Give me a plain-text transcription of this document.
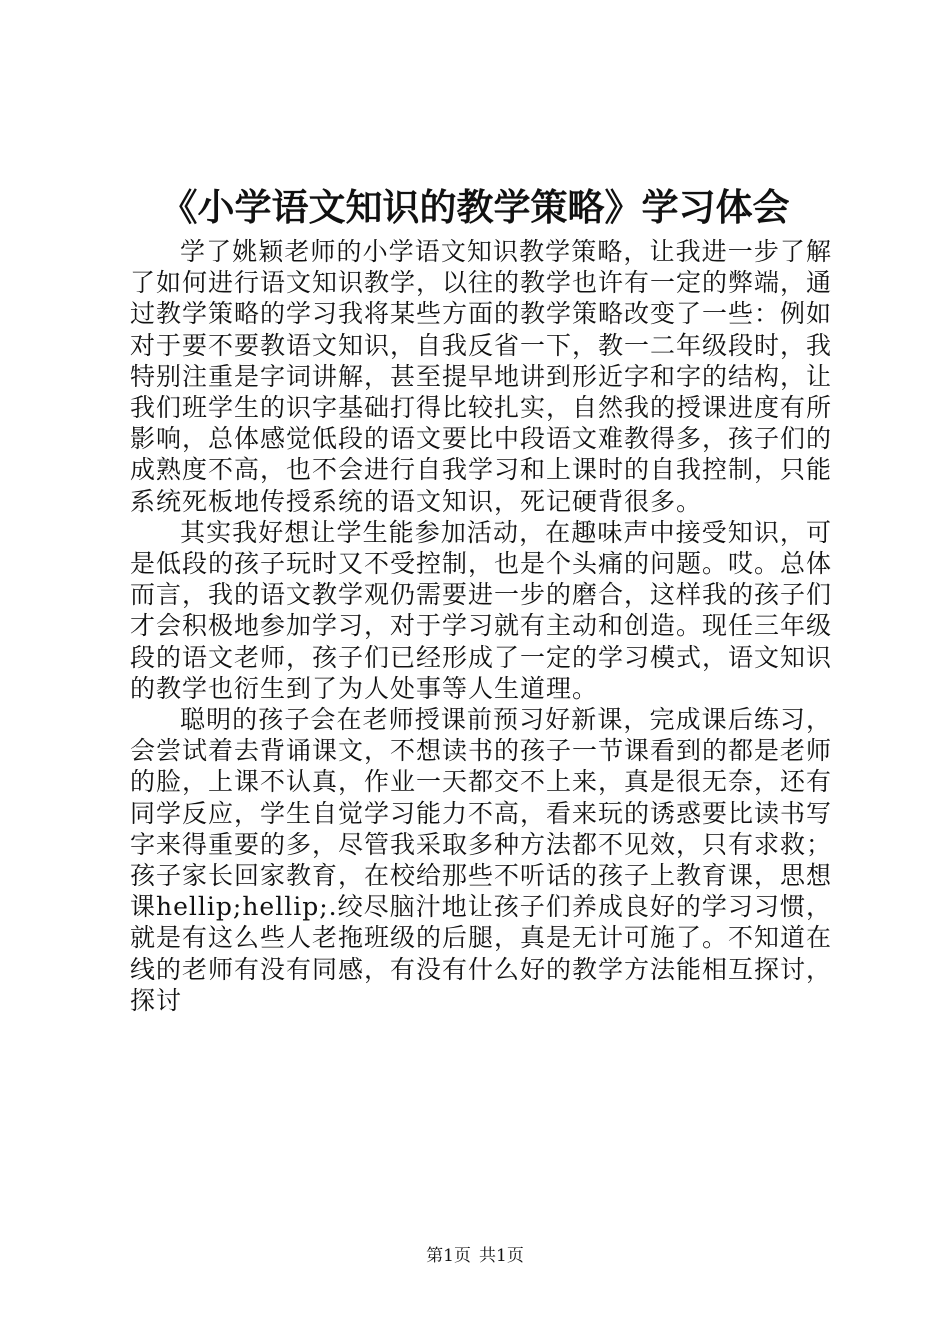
《小学语文知识的教学策略》学习体会

学了姚颖老师的小学语文知识教学策略，让我进一步了解了如何进行语文知识教学，以往的教学也许有一定的弊端，通过教学策略的学习我将某些方面的教学策略改变了一些：例如对于要不要教语文知识，自我反省一下，教一二年级段时，我特别注重是字词讲解，甚至提早地讲到形近字和字的结构，让我们班学生的识字基础打得比较扎实，自然我的授课进度有所影响，总体感觉低段的语文要比中段语文难教得多，孩子们的成熟度不高，也不会进行自我学习和上课时的自我控制，只能系统死板地传授系统的语文知识，死记硬背很多。

其实我好想让学生能参加活动，在趣味声中接受知识，可是低段的孩子玩时又不受控制，也是个头痛的问题。哎。总体而言，我的语文教学观仍需要进一步的磨合，这样我的孩子们才会积极地参加学习，对于学习就有主动和创造。现任三年级段的语文老师，孩子们已经形成了一定的学习模式，语文知识的教学也衍生到了为人处事等人生道理。

聪明的孩子会在老师授课前预习好新课，完成课后练习，会尝试着去背诵课文，不想读书的孩子一节课看到的都是老师的脸，上课不认真，作业一天都交不上来，真是很无奈，还有同学反应，学生自觉学习能力不高，看来玩的诱惑要比读书写字来得重要的多，尽管我采取多种方法都不见效，只有求救；孩子家长回家教育，在校给那些不听话的孩子上教育课，思想课hellip;hellip;.绞尽脑汁地让孩子们养成良好的学习习惯，就是有这么些人老拖班级的后腿，真是无计可施了。不知道在线的老师有没有同感，有没有什么好的教学方法能相互探讨，探讨

第1页 共1页
